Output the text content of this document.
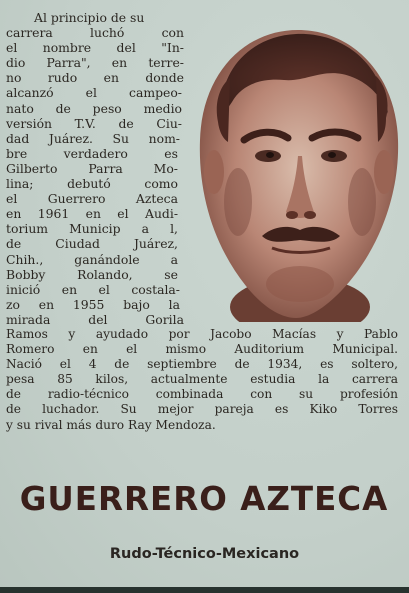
Al principio de su
carrera luchó con
el nombre del "In-
dio Parra", en terre-
no rudo en donde
alcanzó el campeo-
nato de peso medio
versión T.V. de Ciu-
dad Juárez. Su nom-
bre verdadero es
Gilberto Parra Mo-
lina; debutó como
el Guerrero Azteca
en 1961 en el Audi-
torium Municip a l,
de Ciudad Juárez,
Chih., ganándole a
Bobby Rolando, se
inició en el costala-
zo en 1955 bajo la
mirada del Gorila
Ramos y ayudado por Jacobo Macías y Pablo
Romero en el mismo Auditorium Municipal.
Nació el 4 de septiembre de 1934, es soltero,
pesa 85 kilos, actualmente estudia la carrera
de radio-técnico combinada con su profesión
de luchador. Su mejor pareja es Kiko Torres
y su rival más duro Ray Mendoza.
GUERRERO AZTECA
Rudo-Técnico-Mexicano
